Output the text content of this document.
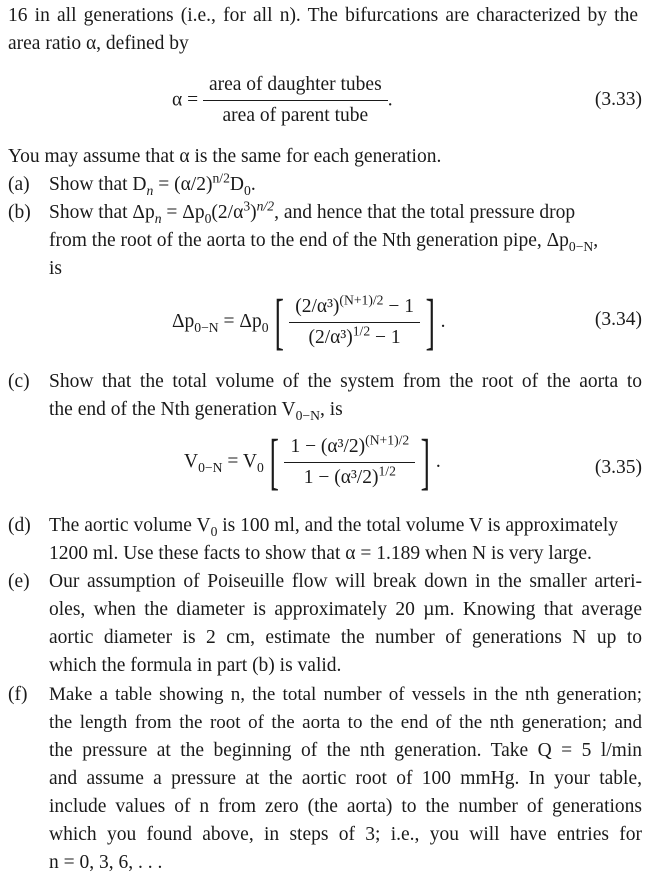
16 in all generations (i.e., for all n). The bifurcations are characterized by the
area ratio α, defined by
$\alpha = \frac{\text{area of daughter tubes}}{\text{area of parent tube}}$ .	(3.33)
You may assume that α is the same for each generation.
(a) Show that $D_n = (\alpha/2)^{n/2}D_0$.
(b) Show that $\Delta p_n = \Delta p_0(2/\alpha^3)^{n/2}$, and hence that the total pressure drop
from the root of the aorta to the end of the Nth generation pipe, $\Delta p_{0-N}$,
is
$\Delta p_{0-N} = \Delta p_0[ \frac{(2/\alpha^3)^{(N+1)/2} - 1}{(2/\alpha^3)^{1/2} - 1}$ ] .	(3.34)
(c) Show that the total volume of the system from the root of the aorta to
the end of the Nth generation $V_{0-N}$, is
$V_{0-N} = V_0[ \frac{1 - (\alpha^3/2)^{(N+1)/2}}{1 - (\alpha^3/2)^{1/2}}$ ] .	(3.35)
(d) The aortic volume $V_0$ is 100 ml, and the total volume V is approximately
1200 ml. Use these facts to show that α = 1.189 when N is very large.
(e) Our assumption of Poiseuille flow will break down in the smaller arteri-
oles, when the diameter is approximately 20 µm. Knowing that average
aortic diameter is 2 cm, estimate the number of generations N up to
which the formula in part (b) is valid.
(f) Make a table showing n, the total number of vessels in the nth generation;
the length from the root of the aorta to the end of the nth generation; and
the pressure at the beginning of the nth generation. Take Q = 5 l/min
and assume a pressure at the aortic root of 100 mmHg. In your table,
include values of n from zero (the aorta) to the number of generations
which you found above, in steps of 3; i.e., you will have entries for
n = 0, 3, 6, . . .
